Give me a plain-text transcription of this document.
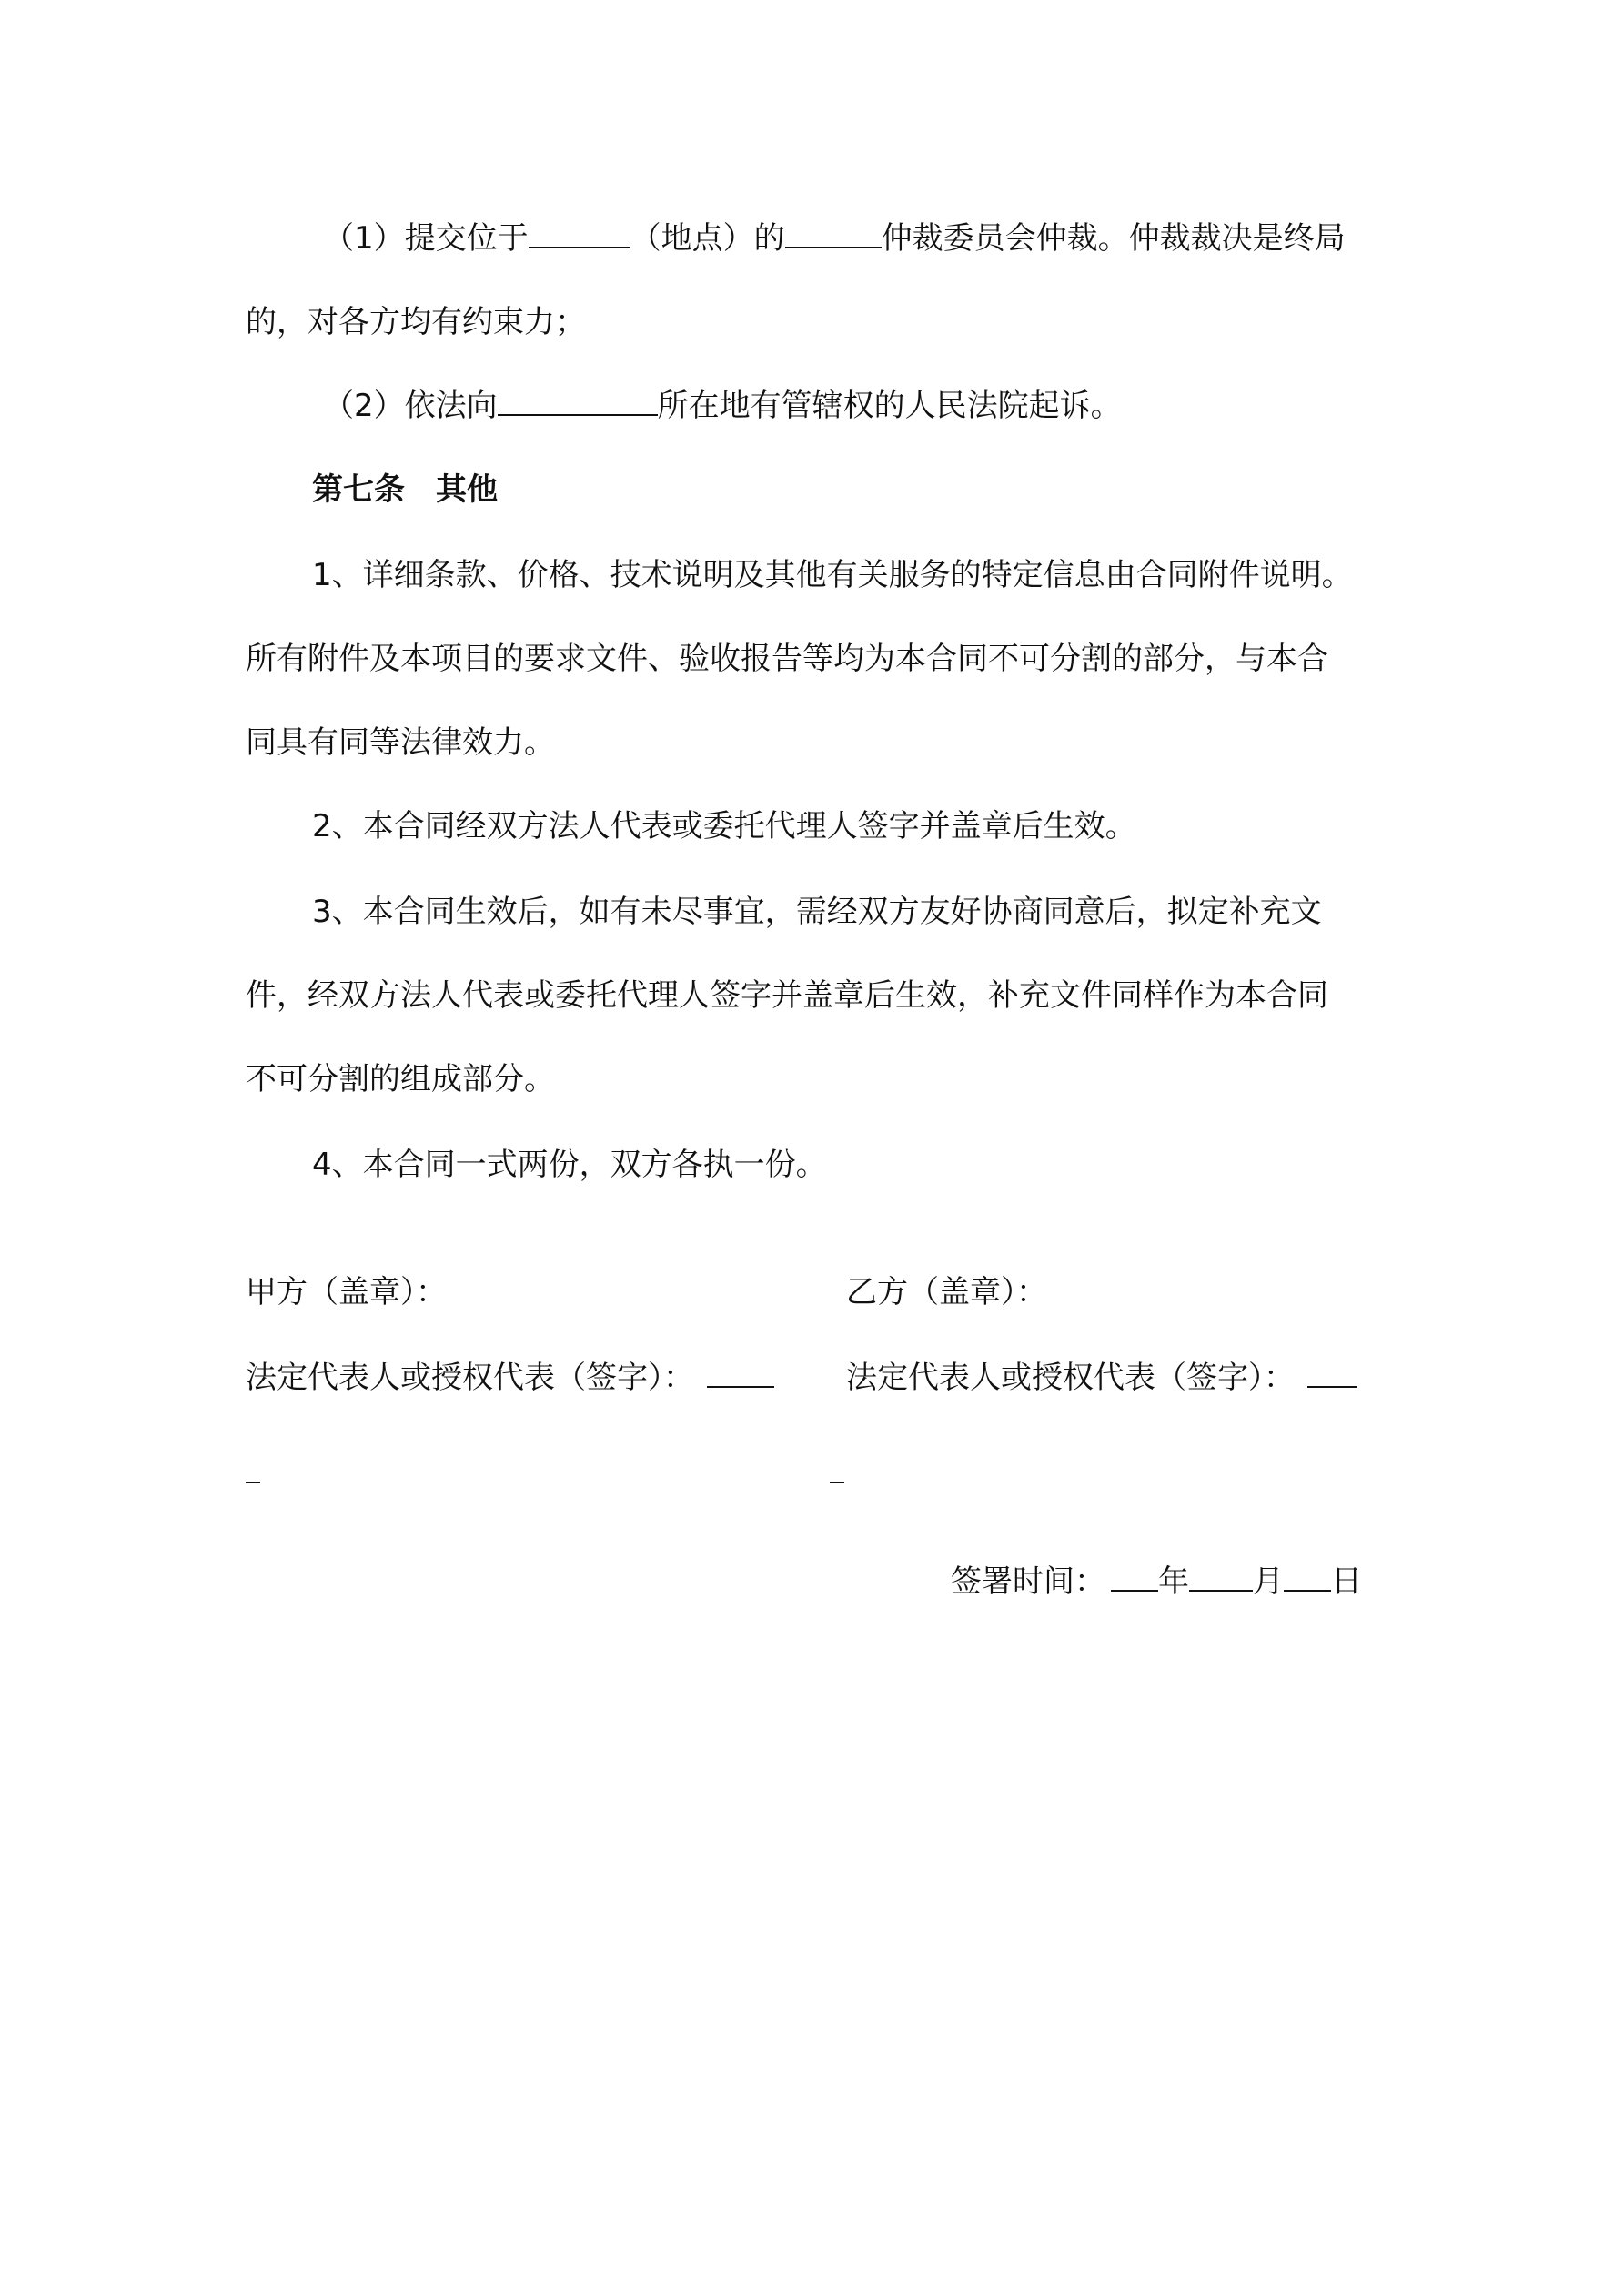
（1）提交位于	（地点）的	仲裁委员会仲裁。仲裁裁决是终局
的，对各方均有约束力；
（2）依法向	所在地有管辖权的人民法院起诉。
第七条　其他
1、详细条款、价格、技术说明及其他有关服务的特定信息由合同附件说明。
所有附件及本项目的要求文件、验收报告等均为本合同不可分割的部分，与本合
同具有同等法律效力。
2、本合同经双方法人代表或委托代理人签字并盖章后生效。
3、本合同生效后，如有未尽事宜，需经双方友好协商同意后，拟定补充文
件，经双方法人代表或委托代理人签字并盖章后生效，补充文件同样作为本合同
不可分割的组成部分。
4、本合同一式两份，双方各执一份。
甲方（盖章）：	乙方（盖章）：
法定代表人或授权代表（签字）：	法定代表人或授权代表（签字）：
签署时间： 年 月 日
